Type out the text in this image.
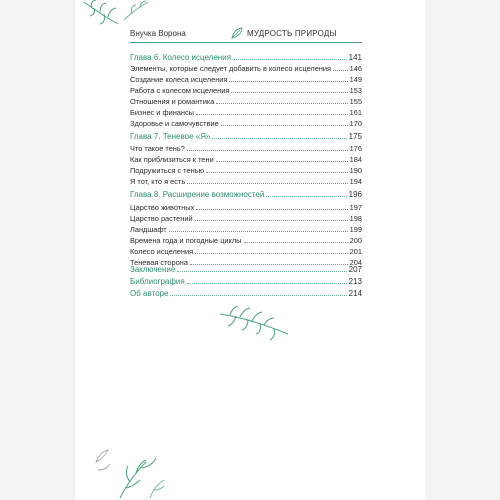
Внучка Ворона	МУДРОСТЬ ПРИРОДЫ
Глава 6. Колесо исцеления	141
Элементы, которые следует добавить в колесо исцеления	146
Создание колеса исцеления	149
Работа с колесом исцеления	153
Отношения и романтика	155
Бизнес и финансы	161
Здоровье и самочувствие	170
Глава 7. Теневое «Я»	175
Что такое тень?	176
Как приблизиться к тени	184
Подружиться с тенью	190
Я тот, кто я есть	194
Глава 8. Расширение возможностей	196
Царство животных	197
Царство растений	198
Ландшафт	199
Времена года и погодные циклы	200
Колесо исцеления	201
Теневая сторона	204
Заключение	207
Библиография	213
Об авторе	214
